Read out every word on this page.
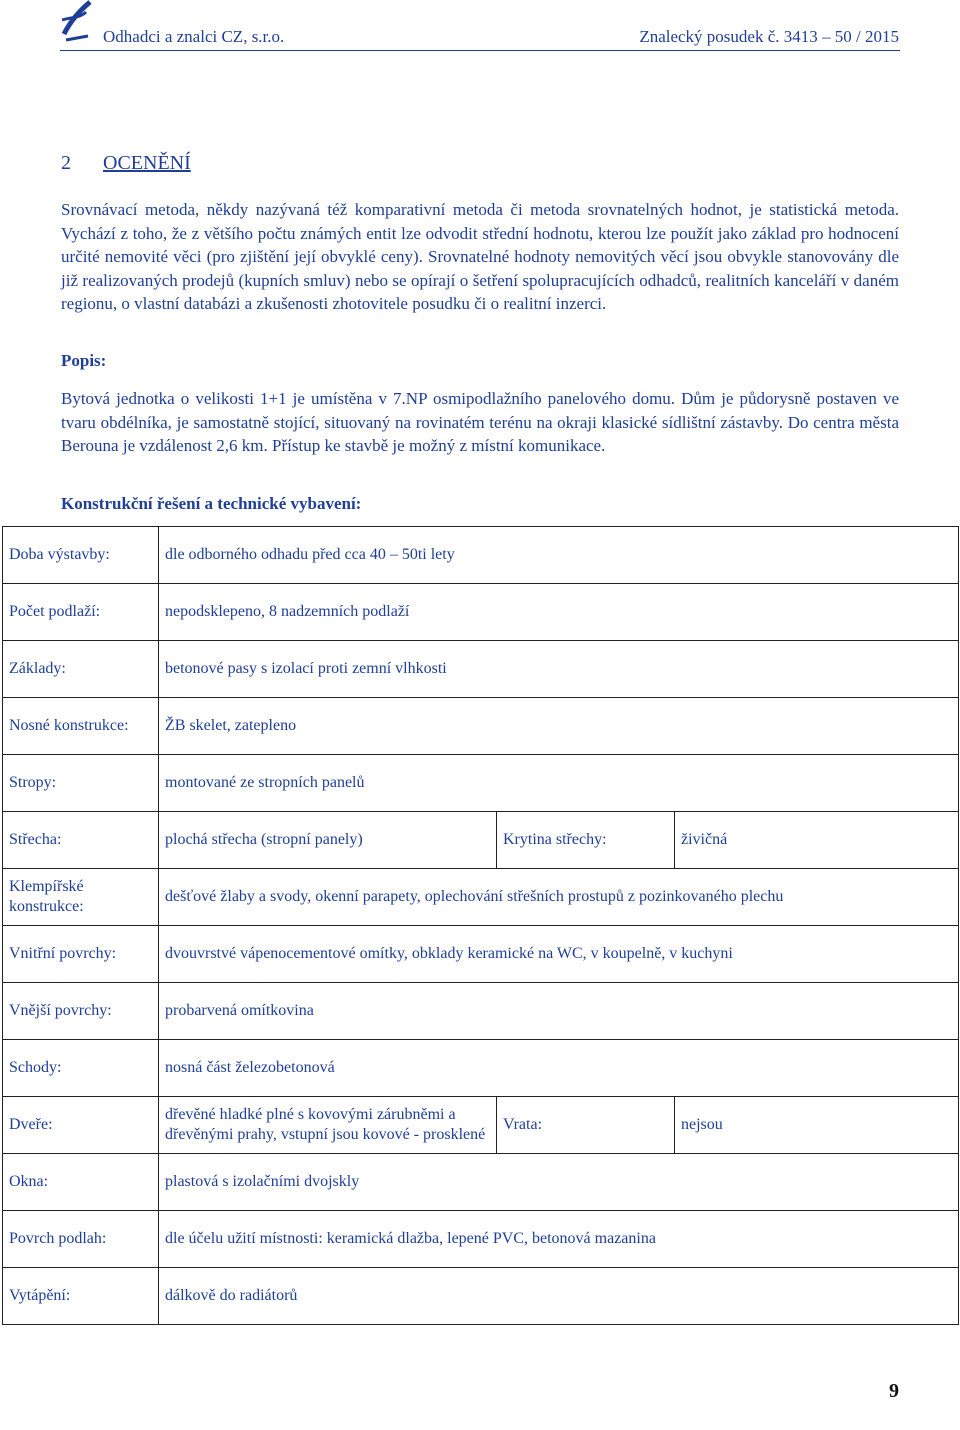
Odhadci a znalci CZ, s.r.o.	Znalecký posudek č. 3413 – 50 / 2015
2 OCENĚNÍ
Srovnávací metoda, někdy nazývaná též komparativní metoda či metoda srovnatelných hodnot, je statistická metoda. Vychází z toho, že z většího počtu známých entit lze odvodit střední hodnotu, kterou lze použít jako základ pro hodnocení určité nemovité věci (pro zjištění její obvyklé ceny). Srovnatelné hodnoty nemovitých věcí jsou obvykle stanovovány dle již realizovaných prodejů (kupních smluv) nebo se opírají o šetření spolupracujících odhadců, realitních kanceláří v daném regionu, o vlastní databázi a zkušenosti zhotovitele posudku či o realitní inzerci.
Popis:
Bytová jednotka o velikosti 1+1 je umístěna v 7.NP osmipodlažního panelového domu. Dům je půdorysně postaven ve tvaru obdélníka, je samostatně stojící, situovaný na rovinatém terénu na okraji klasické sídlištní zástavby. Do centra města Berouna je vzdálenost 2,6 km. Přístup ke stavbě je možný z místní komunikace.
Konstrukční řešení a technické vybavení:
Doba výstavby:	dle odborného odhadu před cca 40 – 50ti lety		
Počet podlaží:	nepodsklepeno, 8 nadzemních podlaží		
Základy:	betonové pasy s izolací proti zemní vlhkosti		
Nosné konstrukce:	ŽB skelet, zatepleno		
Stropy:	montované ze stropních panelů		
Střecha:	plochá střecha (stropní panely)	Krytina střechy:	živičná
Klempířské konstrukce:	dešťové žlaby a svody, okenní parapety, oplechování střešních prostupů z pozinkovaného plechu		
Vnitřní povrchy:	dvouvrstvé vápenocementové omítky, obklady keramické na WC, v koupelně, v kuchyni		
Vnější povrchy:	probarvená omítkovina		
Schody:	nosná část železobetonová		
Dveře:	dřevěné hladké plné s kovovými zárubněmi a dřevěnými prahy, vstupní jsou kovové - prosklené	Vrata:	nejsou
Okna:	plastová s izolačními dvojskly		
Povrch podlah:	dle účelu užití místnosti: keramická dlažba, lepené PVC, betonová mazanina		
Vytápění:	dálkově do radiátorů		
9
